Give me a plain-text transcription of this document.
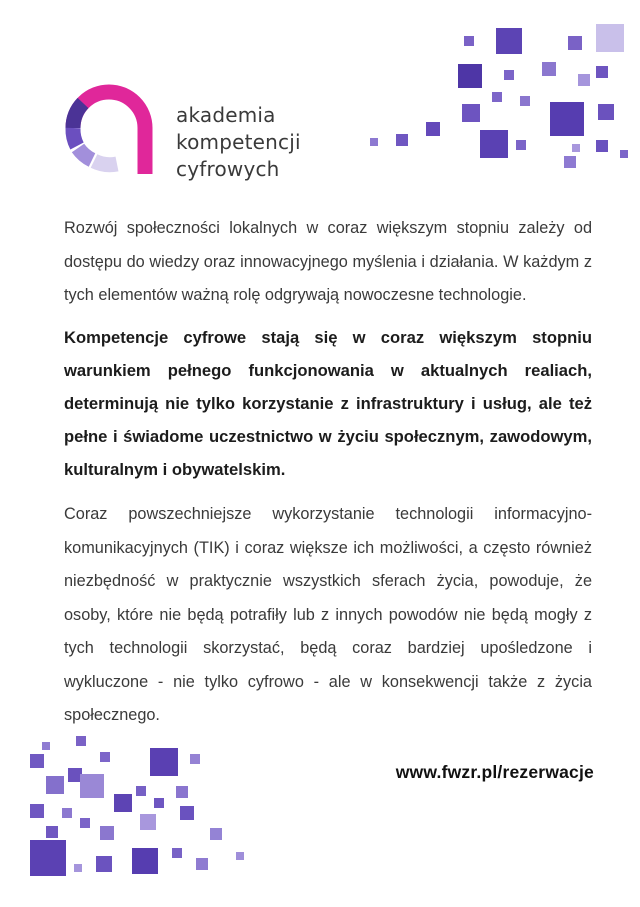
akademia
kompetencji
cyfrowych

Rozwój społeczności lokalnych w coraz większym stopniu zależy od dostępu do wiedzy oraz innowacyjnego myślenia i działania. W każdym z tych elementów ważną rolę odgrywają nowoczesne technologie.

Kompetencje cyfrowe stają się w coraz większym stopniu warunkiem pełnego funkcjonowania w aktualnych realiach, determinują nie tylko korzystanie z infrastruktury i usług, ale też pełne i świadome uczestnictwo w życiu społecznym, zawodowym, kulturalnym i obywatelskim.

Coraz powszechniejsze wykorzystanie technologii informacyjno-komunikacyjnych (TIK) i coraz większe ich możliwości, a często również niezbędność w praktycznie wszystkich sferach życia, powoduje, że osoby, które nie będą potrafiły lub z innych powodów nie będą mogły z tych technologii skorzystać, będą coraz bardziej upośledzone i wykluczone - nie tylko cyfrowo - ale w konsekwencji także z życia społecznego.

www.fwzr.pl/rezerwacje
